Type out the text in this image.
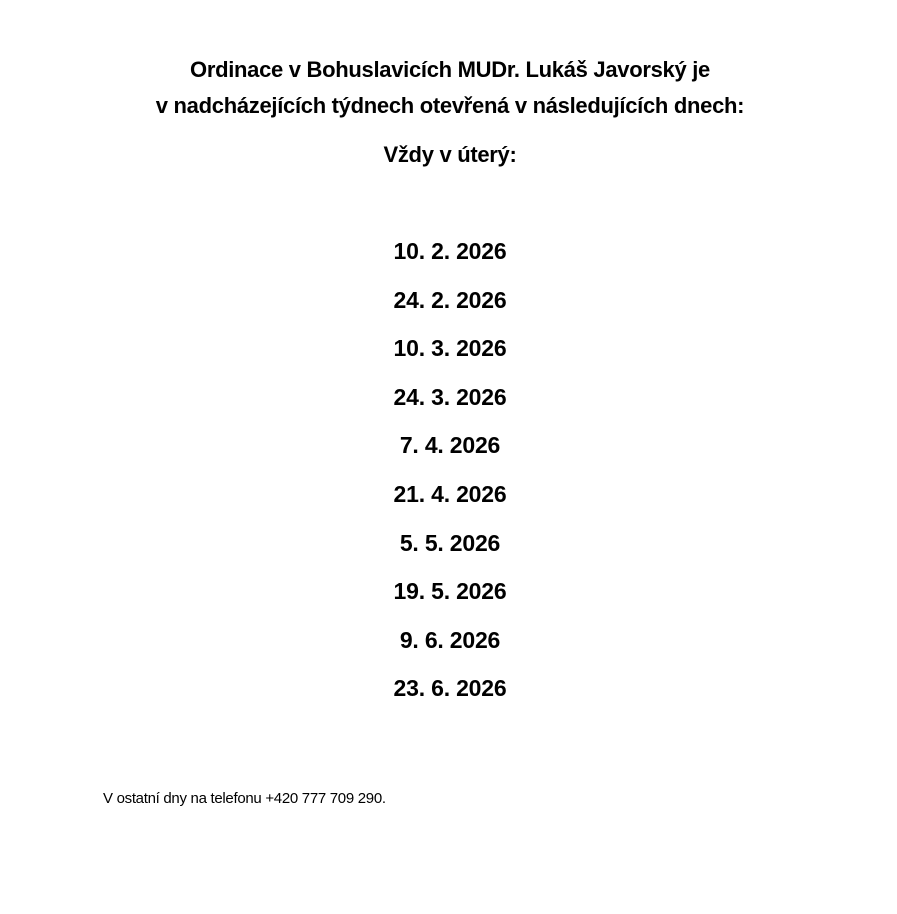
Ordinace v Bohuslavicích MUDr. Lukáš Javorský je
v nadcházejících týdnech otevřená v následujících dnech:
Vždy v úterý:
10. 2. 2026
24. 2. 2026
10. 3. 2026
24. 3. 2026
7. 4. 2026
21. 4. 2026
5. 5. 2026
19. 5. 2026
9. 6. 2026
23. 6. 2026
V ostatní dny na telefonu +420 777 709 290.
